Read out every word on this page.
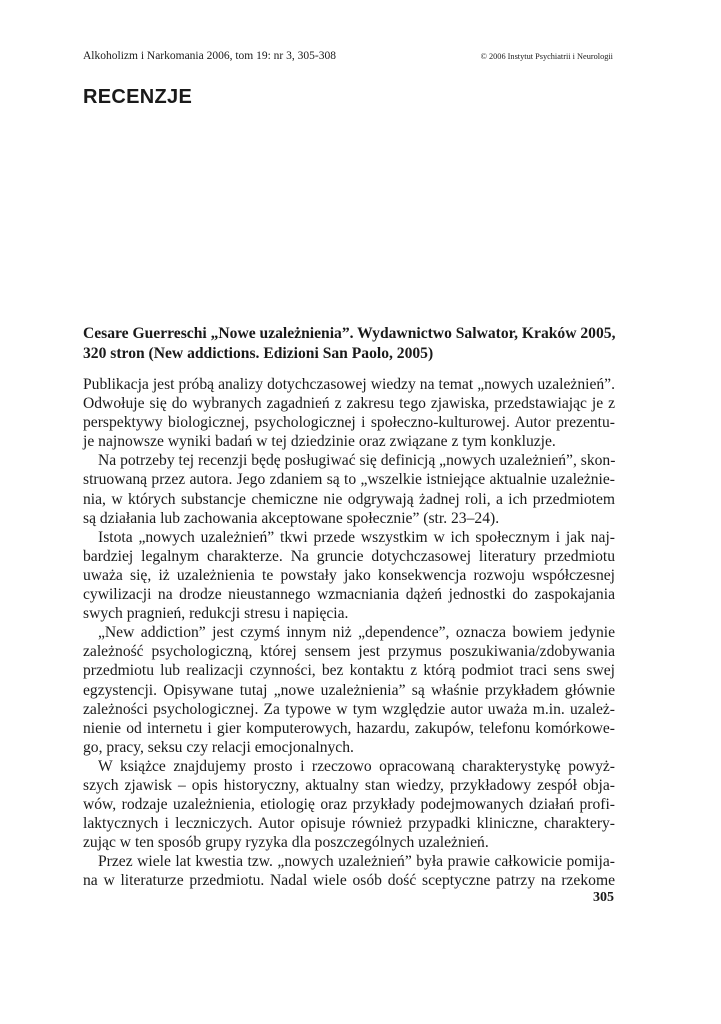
Alkoholizm i Narkomania 2006, tom 19: nr 3, 305-308	© 2006 Instytut Psychiatrii i Neurologii
RECENZJE
Cesare Guerreschi „Nowe uzależnienia”. Wydawnictwo Salwator, Kraków 2005,
320 stron (New addictions. Edizioni San Paolo, 2005)
Publikacja jest próbą analizy dotychczasowej wiedzy na temat „nowych uzależnień”.
Odwołuje się do wybranych zagadnień z zakresu tego zjawiska, przedstawiając je z
perspektywy biologicznej, psychologicznej i społeczno-kulturowej. Autor prezentu-
je najnowsze wyniki badań w tej dziedzinie oraz związane z tym konkluzje.
Na potrzeby tej recenzji będę posługiwać się definicją „nowych uzależnień”, skon-
struowaną przez autora. Jego zdaniem są to „wszelkie istniejące aktualnie uzależnie-
nia, w których substancje chemiczne nie odgrywają żadnej roli, a ich przedmiotem
są działania lub zachowania akceptowane społecznie” (str. 23–24).
Istota „nowych uzależnień” tkwi przede wszystkim w ich społecznym i jak naj-
bardziej legalnym charakterze. Na gruncie dotychczasowej literatury przedmiotu
uważa się, iż uzależnienia te powstały jako konsekwencja rozwoju współczesnej
cywilizacji na drodze nieustannego wzmacniania dążeń jednostki do zaspokajania
swych pragnień, redukcji stresu i napięcia.
„New addiction” jest czymś innym niż „dependence”, oznacza bowiem jedynie
zależność psychologiczną, której sensem jest przymus poszukiwania/zdobywania
przedmiotu lub realizacji czynności, bez kontaktu z którą podmiot traci sens swej
egzystencji. Opisywane tutaj „nowe uzależnienia” są właśnie przykładem głównie
zależności psychologicznej. Za typowe w tym względzie autor uważa m.in. uzależ-
nienie od internetu i gier komputerowych, hazardu, zakupów, telefonu komórkowe-
go, pracy, seksu czy relacji emocjonalnych.
W książce znajdujemy prosto i rzeczowo opracowaną charakterystykę powyż-
szych zjawisk – opis historyczny, aktualny stan wiedzy, przykładowy zespół obja-
wów, rodzaje uzależnienia, etiologię oraz przykłady podejmowanych działań profi-
laktycznych i leczniczych. Autor opisuje również przypadki kliniczne, charaktery-
zując w ten sposób grupy ryzyka dla poszczególnych uzależnień.
Przez wiele lat kwestia tzw. „nowych uzależnień” była prawie całkowicie pomija-
na w literaturze przedmiotu. Nadal wiele osób dość sceptyczne patrzy na rzekome
305
